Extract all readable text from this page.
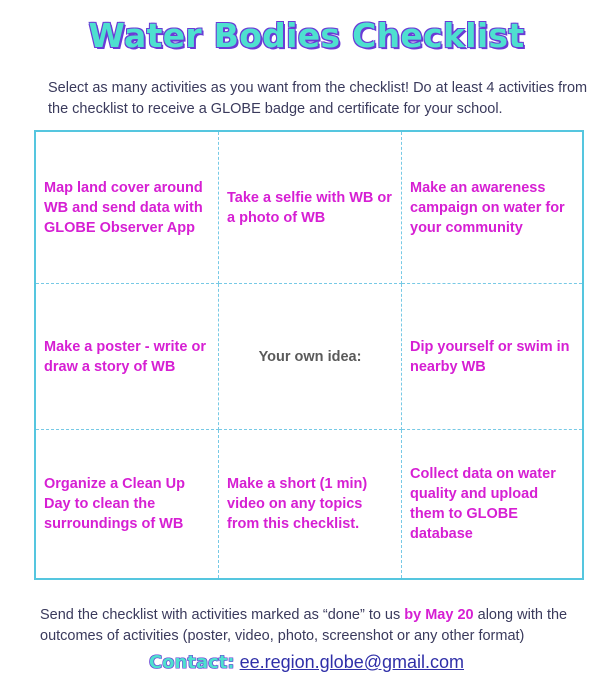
Water Bodies Checklist
Select as many activities as you want from the checklist! Do at least 4 activities from the checklist to receive a GLOBE badge and certificate for your school.
Map land cover around WB and send data with GLOBE Observer App
Take a selfie with WB or a photo of WB
Make an awareness campaign on water for your community
Make a poster - write or draw a story of WB
Your own idea:
Dip yourself or swim in nearby WB
Organize a Clean Up Day to clean the surroundings of WB
Make a short (1 min) video on any topics from this checklist.
Collect data on water quality and upload them to GLOBE database
Send the checklist with activities marked as “done” to us by May 20 along with the outcomes of activities (poster, video, photo, screenshot or any other format)
Contact: ee.region.globe@gmail.com
